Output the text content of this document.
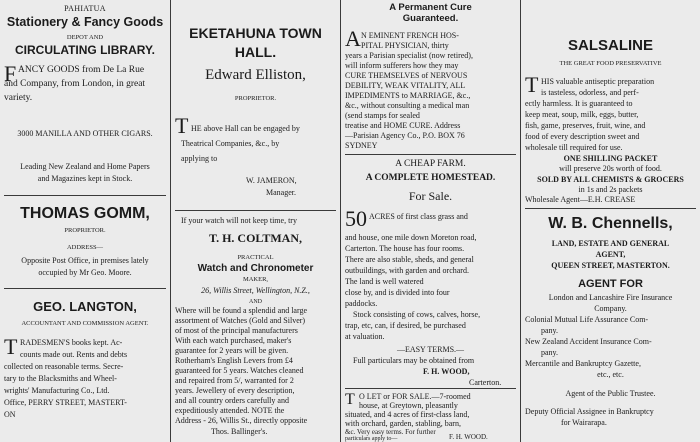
PAHIATUA
Stationery & Fancy Goods
DEPOT AND
CIRCULATING LIBRARY.
F ANCY GOODS from De La Rue
and Company, from London, in great
variety.
3000 MANILLA AND OTHER CIGARS.
Leading New Zealand and Home Papers
and Magazines kept in Stock.
THOMAS GOMM,
PROPRIETOR.
ADDRESS—
Opposite Post Office, in premises lately
occupied by Mr Geo. Moore.
GEO. LANGTON,
ACCOUNTANT AND COMMISSION AGENT.
T RADESMEN'S books kept. Ac-
counts made out. Rents and debts
collected on reasonable terms. Secre-
tary to the Blacksmiths and Wheel-
wrights' Manufacturing Co., Ltd.
Office, PERRY STREET, MASTERT-
ON
EKETAHUNA TOWN
HALL.
Edward Elliston,
PROPRIETOR.
T HE above Hall can be engaged by
Theatrical Companies, &c., by
applying to
W. JAMERON,
Manager.
If your watch will not keep time, try
T. H. COLTMAN,
PRACTICAL
Watch and Chronometer
MAKER,
26, Willis Street, Wellington, N.Z.,
AND
Where will be found a splendid and large
assortment of Watches (Gold and Silver)
of most of the principal manufacturers
With each watch purchased, maker's
guarantee for 2 years will be given.
Rotherham's English Levers from £4
guaranteed for 5 years. Watches cleaned
and repaired from 5/, warranted for 2
years. Jewellery of every description,
and all country orders carefully and
expeditiously attended. NOTE the
Address - 26, Willis St., directly opposite
Thos. Ballinger's.
A Permanent Cure
Guaranteed.
A N EMINENT FRENCH HOS-
PITAL PHYSICIAN, thirty
years a Parisian specialist (now retired),
will inform sufferers how they may
CURE THEMSELVES of NERVOUS
DEBILITY, WEAK VITALITY, ALL
IMPEDIMENTS to MARRIAGE, &c.,
&c., without consulting a medical man
(send stamps for sealed
treatise and HOME CURE. Address
—Parisian Agency Co., P.O. BOX 76
SYDNEY
A CHEAP FARM.
A COMPLETE HOMESTEAD.
For Sale.
50 ACRES of first class grass and
and house, one mile down Moreton road,
Carterton. The house has four rooms.
There are also stable, sheds, and general
outbuildings, with garden and orchard.
The land is well watered
close by, and is divided into four
paddocks.
Stock consisting of cows, calves, horse,
trap, etc, can, if desired, be purchased
at valuation.
—EASY TERMS.—
Full particulars may be obtained from
F. H. WOOD,
Carterton.
T O LET or FOR SALE.—7-roomed
house, at Greytown, pleasantly
situated, and 4 acres of first-class land,
with orchard, garden, stabling, barn,
&c. Very easy terms. For further
particulars apply to—	F. H. WOOD.
SALSALINE
THE GREAT FOOD PRESERVATIVE
T HIS valuable antiseptic preparation
is tasteless, odorless, and perf-
ectly harmless. It is guaranteed to
keep meat, soup, milk, eggs, butter,
fish, game, preserves, fruit, wine, and
food of every description sweet and
wholesale till required for use.
ONE SHILLING PACKET
will preserve 20s worth of food.
SOLD BY ALL CHEMISTS & GROCERS
in 1s and 2s packets
Wholesale Agent—E.H. CREASE
W. B. Chennells,
LAND, ESTATE AND GENERAL
AGENT,
QUEEN STREET, MASTERTON.
AGENT FOR
London and Lancashire Fire Insurance
Company.
Colonial Mutual Life Assurance Com-
pany.
New Zealand Accident Insurance Com-
pany.
Mercantile and Bankruptcy Gazette,
etc., etc.
Agent of the Public Trustee.
Deputy Official Assignee in Bankruptcy
for Wairarapa.
